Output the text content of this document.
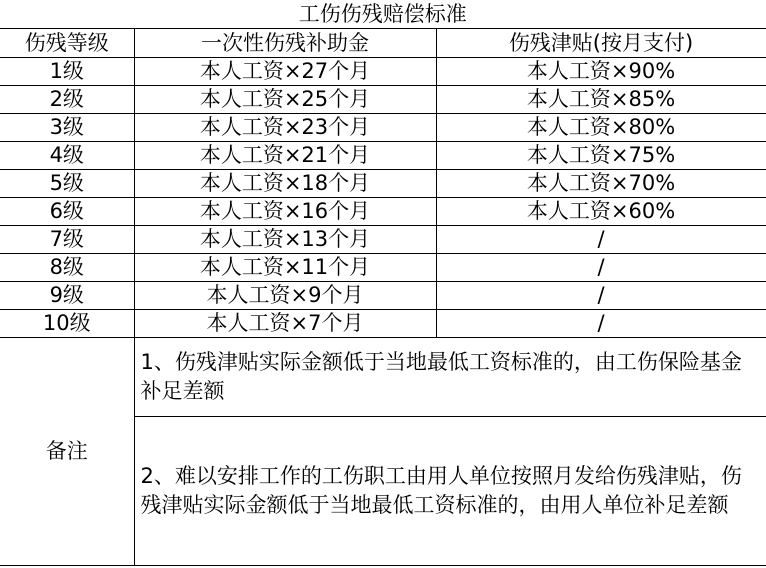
工伤伤残赔偿标准		
伤残等级	一次性伤残补助金	伤残津贴(按月支付)
1级	本人工资×27个月	本人工资×90%
2级	本人工资×25个月	本人工资×85%
3级	本人工资×23个月	本人工资×80%
4级	本人工资×21个月	本人工资×75%
5级	本人工资×18个月	本人工资×70%
6级	本人工资×16个月	本人工资×60%
7级	本人工资×13个月	/
8级	本人工资×11个月	/
9级	本人工资×9个月	/
10级	本人工资×7个月	/
备注	1、伤残津贴实际金额低于当地最低工资标准的，由工伤保险基金补足差额	
	2、难以安排工作的工伤职工由用人单位按照月发给伤残津贴，伤残津贴实际金额低于当地最低工资标准的，由用人单位补足差额	
